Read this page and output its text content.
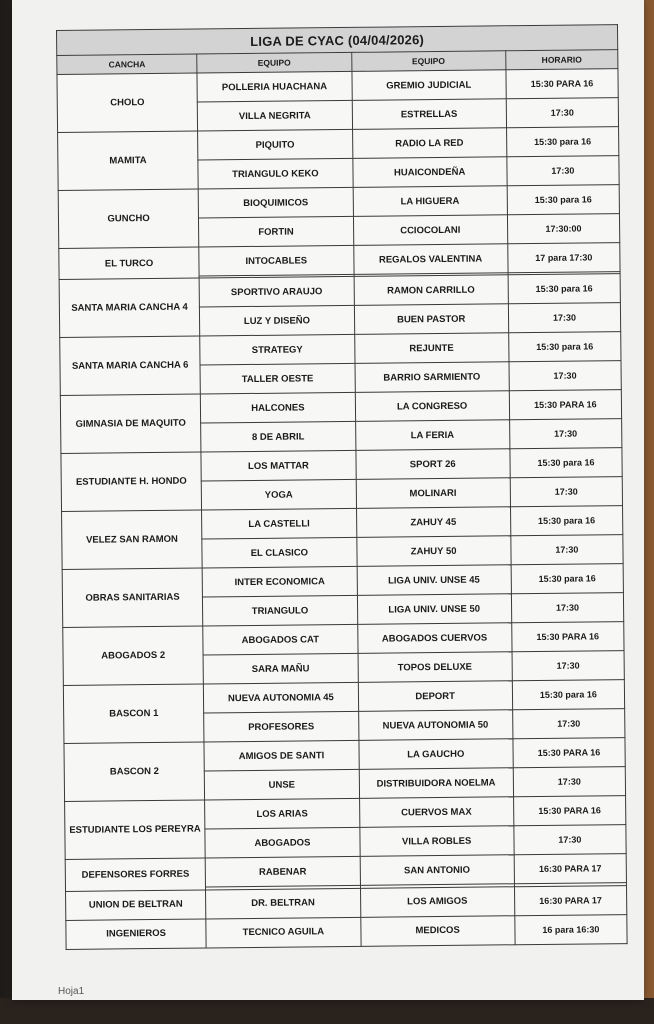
LIGA DE CYAC (04/04/2026)			
CANCHA	EQUIPO	EQUIPO	HORARIO
CHOLO	POLLERIA HUACHANA	GREMIO JUDICIAL	15:30 PARA 16
	VILLA NEGRITA	ESTRELLAS	17:30
MAMITA	PIQUITO	RADIO LA RED	15:30 para 16
	TRIANGULO KEKO	HUAICONDEÑA	17:30
GUNCHO	BIOQUIMICOS	LA HIGUERA	15:30 para 16
	FORTIN	CCIOCOLANI	17:30:00
EL TURCO	INTOCABLES	REGALOS VALENTINA	17 para 17:30

SANTA MARIA CANCHA 4	SPORTIVO ARAUJO	RAMON CARRILLO	15:30 para 16
	LUZ Y DISEÑO	BUEN PASTOR	17:30
SANTA MARIA CANCHA 6	STRATEGY	REJUNTE	15:30 para 16
	TALLER OESTE	BARRIO SARMIENTO	17:30
GIMNASIA DE MAQUITO	HALCONES	LA CONGRESO	15:30 PARA 16
	8 DE ABRIL	LA FERIA	17:30
ESTUDIANTE H. HONDO	LOS MATTAR	SPORT 26	15:30 para 16
	YOGA	MOLINARI	17:30
VELEZ SAN RAMON	LA CASTELLI	ZAHUY 45	15:30 para 16
	EL CLASICO	ZAHUY 50	17:30
OBRAS SANITARIAS	INTER ECONOMICA	LIGA UNIV. UNSE 45	15:30 para 16
	TRIANGULO	LIGA UNIV. UNSE 50	17:30
ABOGADOS 2	ABOGADOS CAT	ABOGADOS CUERVOS	15:30 PARA 16
	SARA MAÑU	TOPOS DELUXE	17:30
BASCON 1	NUEVA AUTONOMIA 45	DEPORT	15:30 para 16
	PROFESORES	NUEVA AUTONOMIA 50	17:30
BASCON 2	AMIGOS DE SANTI	LA GAUCHO	15:30 PARA 16
	UNSE	DISTRIBUIDORA NOELMA	17:30
ESTUDIANTE LOS PEREYRA	LOS ARIAS	CUERVOS MAX	15:30 PARA 16
	ABOGADOS	VILLA ROBLES	17:30
DEFENSORES FORRES	RABENAR	SAN ANTONIO	16:30 PARA 17

UNION DE BELTRAN	DR. BELTRAN	LOS AMIGOS	16:30 PARA 17
INGENIEROS	TECNICO AGUILA	MEDICOS	16 para 16:30
Hoja1
